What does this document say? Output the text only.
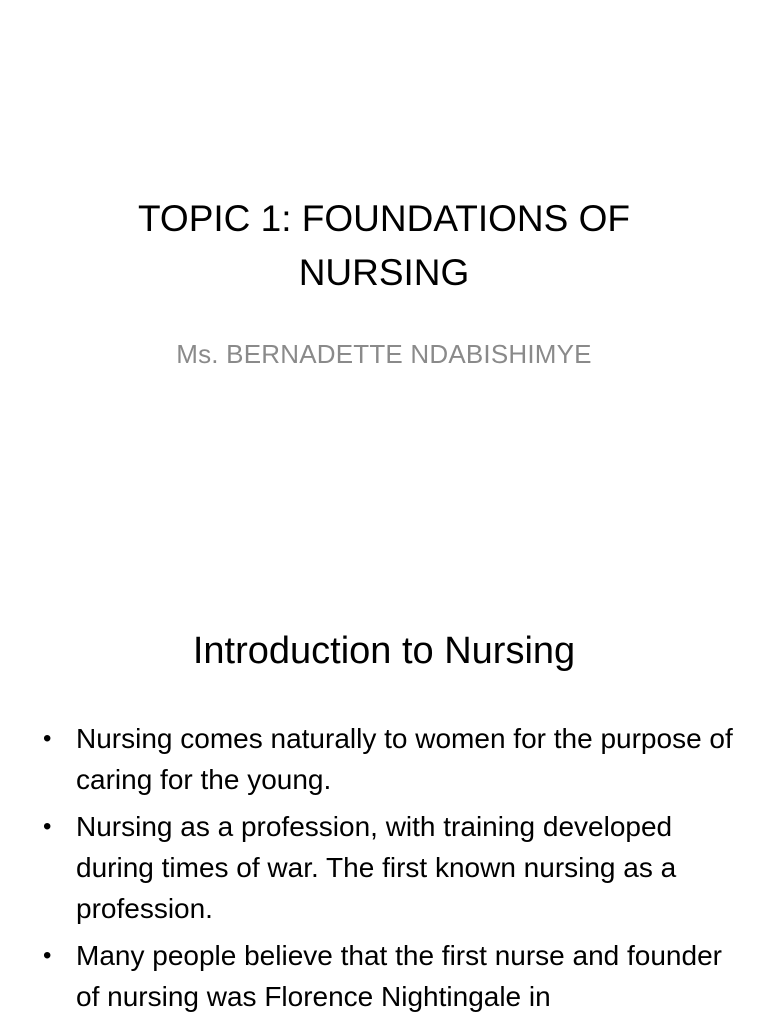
TOPIC 1: FOUNDATIONS OF NURSING

Ms. BERNADETTE NDABISHIMYE

Introduction to Nursing
• Nursing comes naturally to women for the purpose of caring for the young.
• Nursing as a profession, with training developed during times of war. The first known nursing as a profession.
• Many people believe that the first nurse and founder of nursing was Florence Nightingale in
